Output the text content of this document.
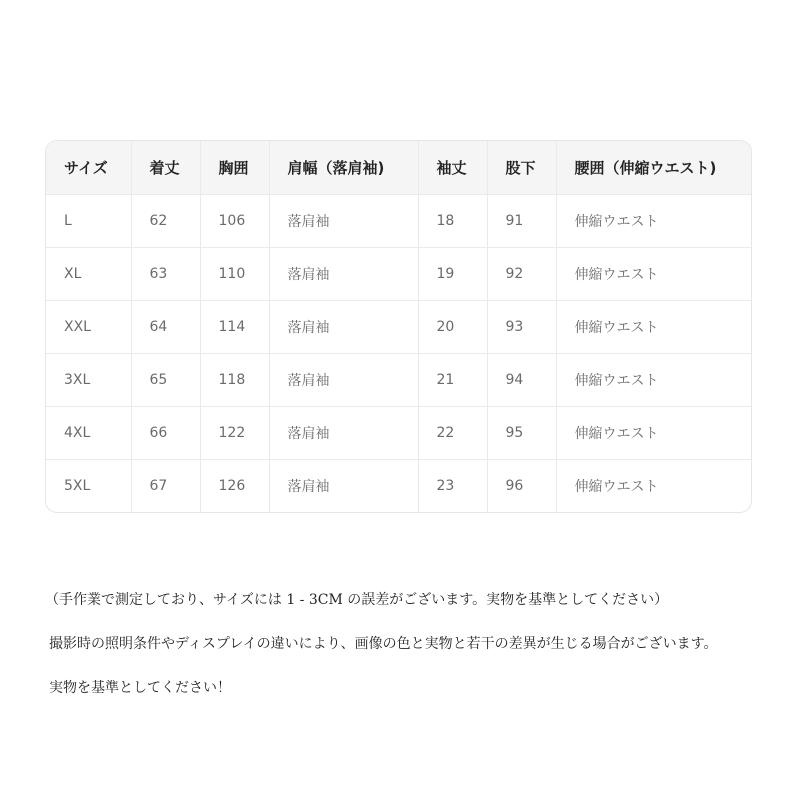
サイズ	着丈	胸囲	肩幅（落肩袖)	袖丈	股下	腰囲（伸縮ウエスト)
L	62	106	落肩袖	18	91	伸縮ウエスト
XL	63	110	落肩袖	19	92	伸縮ウエスト
XXL	64	114	落肩袖	20	93	伸縮ウエスト
3XL	65	118	落肩袖	21	94	伸縮ウエスト
4XL	66	122	落肩袖	22	95	伸縮ウエスト
5XL	67	126	落肩袖	23	96	伸縮ウエスト
（手作業で測定しており、サイズには 1 - 3CM の誤差がございます。実物を基準としてください）
撮影時の照明条件やディスプレイの違いにより、画像の色と実物と若干の差異が生じる場合がございます。
実物を基準としてください！
